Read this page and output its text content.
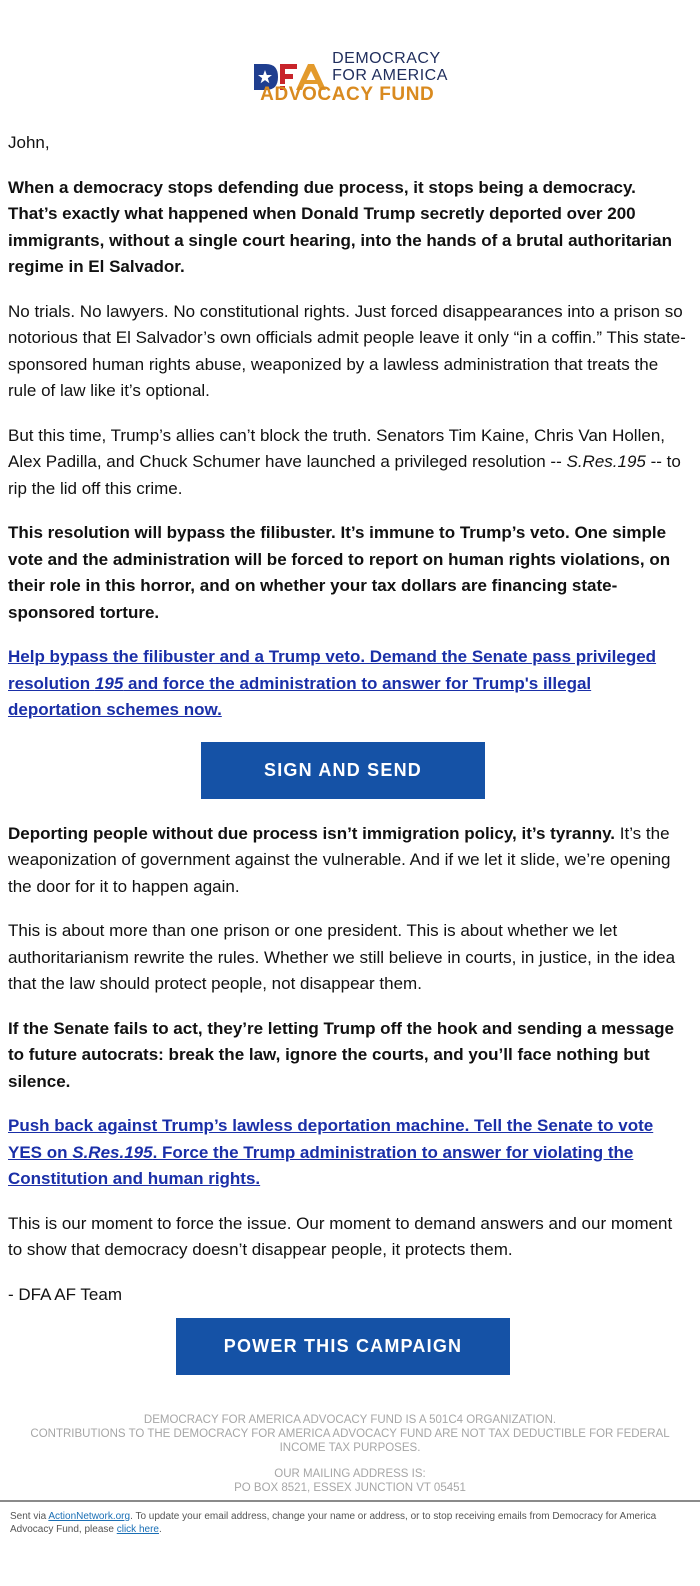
DEMOCRACY
FOR AMERICA
ADVOCACY FUND

John,

When a democracy stops defending due process, it stops being a democracy. That’s exactly what happened when Donald Trump secretly deported over 200 immigrants, without a single court hearing, into the hands of a brutal authoritarian regime in El Salvador.

No trials. No lawyers. No constitutional rights. Just forced disappearances into a prison so notorious that El Salvador’s own officials admit people leave it only “in a coffin.” This state-sponsored human rights abuse, weaponized by a lawless administration that treats the rule of law like it’s optional.

But this time, Trump’s allies can’t block the truth. Senators Tim Kaine, Chris Van Hollen, Alex Padilla, and Chuck Schumer have launched a privileged resolution -- S.Res.195 -- to rip the lid off this crime.

This resolution will bypass the filibuster. It’s immune to Trump’s veto. One simple vote and the administration will be forced to report on human rights violations, on their role in this horror, and on whether your tax dollars are financing state-sponsored torture.

Help bypass the filibuster and a Trump veto. Demand the Senate pass privileged resolution 195 and force the administration to answer for Trump's illegal deportation schemes now.

SIGN AND SEND

Deporting people without due process isn’t immigration policy, it’s tyranny. It’s the weaponization of government against the vulnerable. And if we let it slide, we’re opening the door for it to happen again.

This is about more than one prison or one president. This is about whether we let authoritarianism rewrite the rules. Whether we still believe in courts, in justice, in the idea that the law should protect people, not disappear them.

If the Senate fails to act, they’re letting Trump off the hook and sending a message to future autocrats: break the law, ignore the courts, and you’ll face nothing but silence.

Push back against Trump’s lawless deportation machine. Tell the Senate to vote YES on S.Res.195. Force the Trump administration to answer for violating the Constitution and human rights.

This is our moment to force the issue. Our moment to demand answers and our moment to show that democracy doesn’t disappear people, it protects them.

- DFA AF Team

POWER THIS CAMPAIGN
DEMOCRACY FOR AMERICA ADVOCACY FUND IS A 501C4 ORGANIZATION.
CONTRIBUTIONS TO THE DEMOCRACY FOR AMERICA ADVOCACY FUND ARE NOT TAX DEDUCTIBLE FOR FEDERAL INCOME TAX PURPOSES.
OUR MAILING ADDRESS IS:
PO BOX 8521, ESSEX JUNCTION VT 05451
Sent via ActionNetwork.org. To update your email address, change your name or address, or to stop receiving emails from Democracy for America Advocacy Fund, please click here.
